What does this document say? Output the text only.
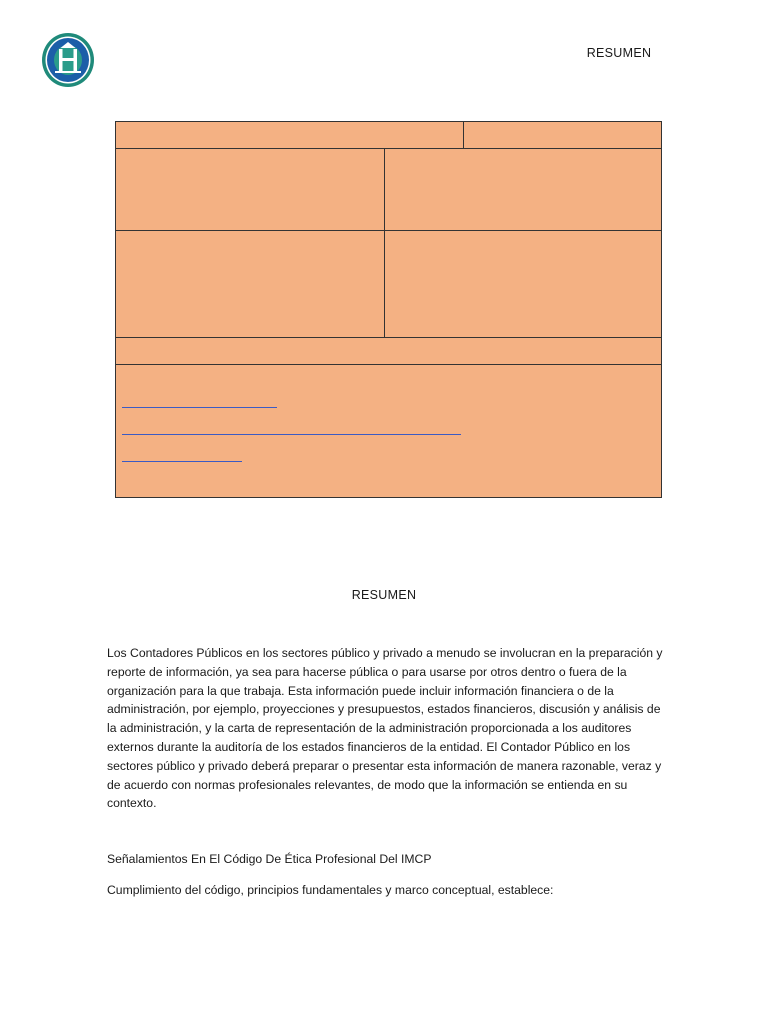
RESUMEN
RESUMEN

Los Contadores Públicos en los sectores público y privado a menudo se involucran en la preparación y reporte de información, ya sea para hacerse pública o para usarse por otros dentro o fuera de la organización para la que trabaja. Esta información puede incluir información financiera o de la administración, por ejemplo, proyecciones y presupuestos, estados financieros, discusión y análisis de la administración, y la carta de representación de la administración proporcionada a los auditores externos durante la auditoría de los estados financieros de la entidad. El Contador Público en los sectores público y privado deberá preparar o presentar esta información de manera razonable, veraz y de acuerdo con normas profesionales relevantes, de modo que la información se entienda en su contexto.

Señalamientos En El Código De Ética Profesional Del IMCP

Cumplimiento del código, principios fundamentales y marco conceptual, establece:
